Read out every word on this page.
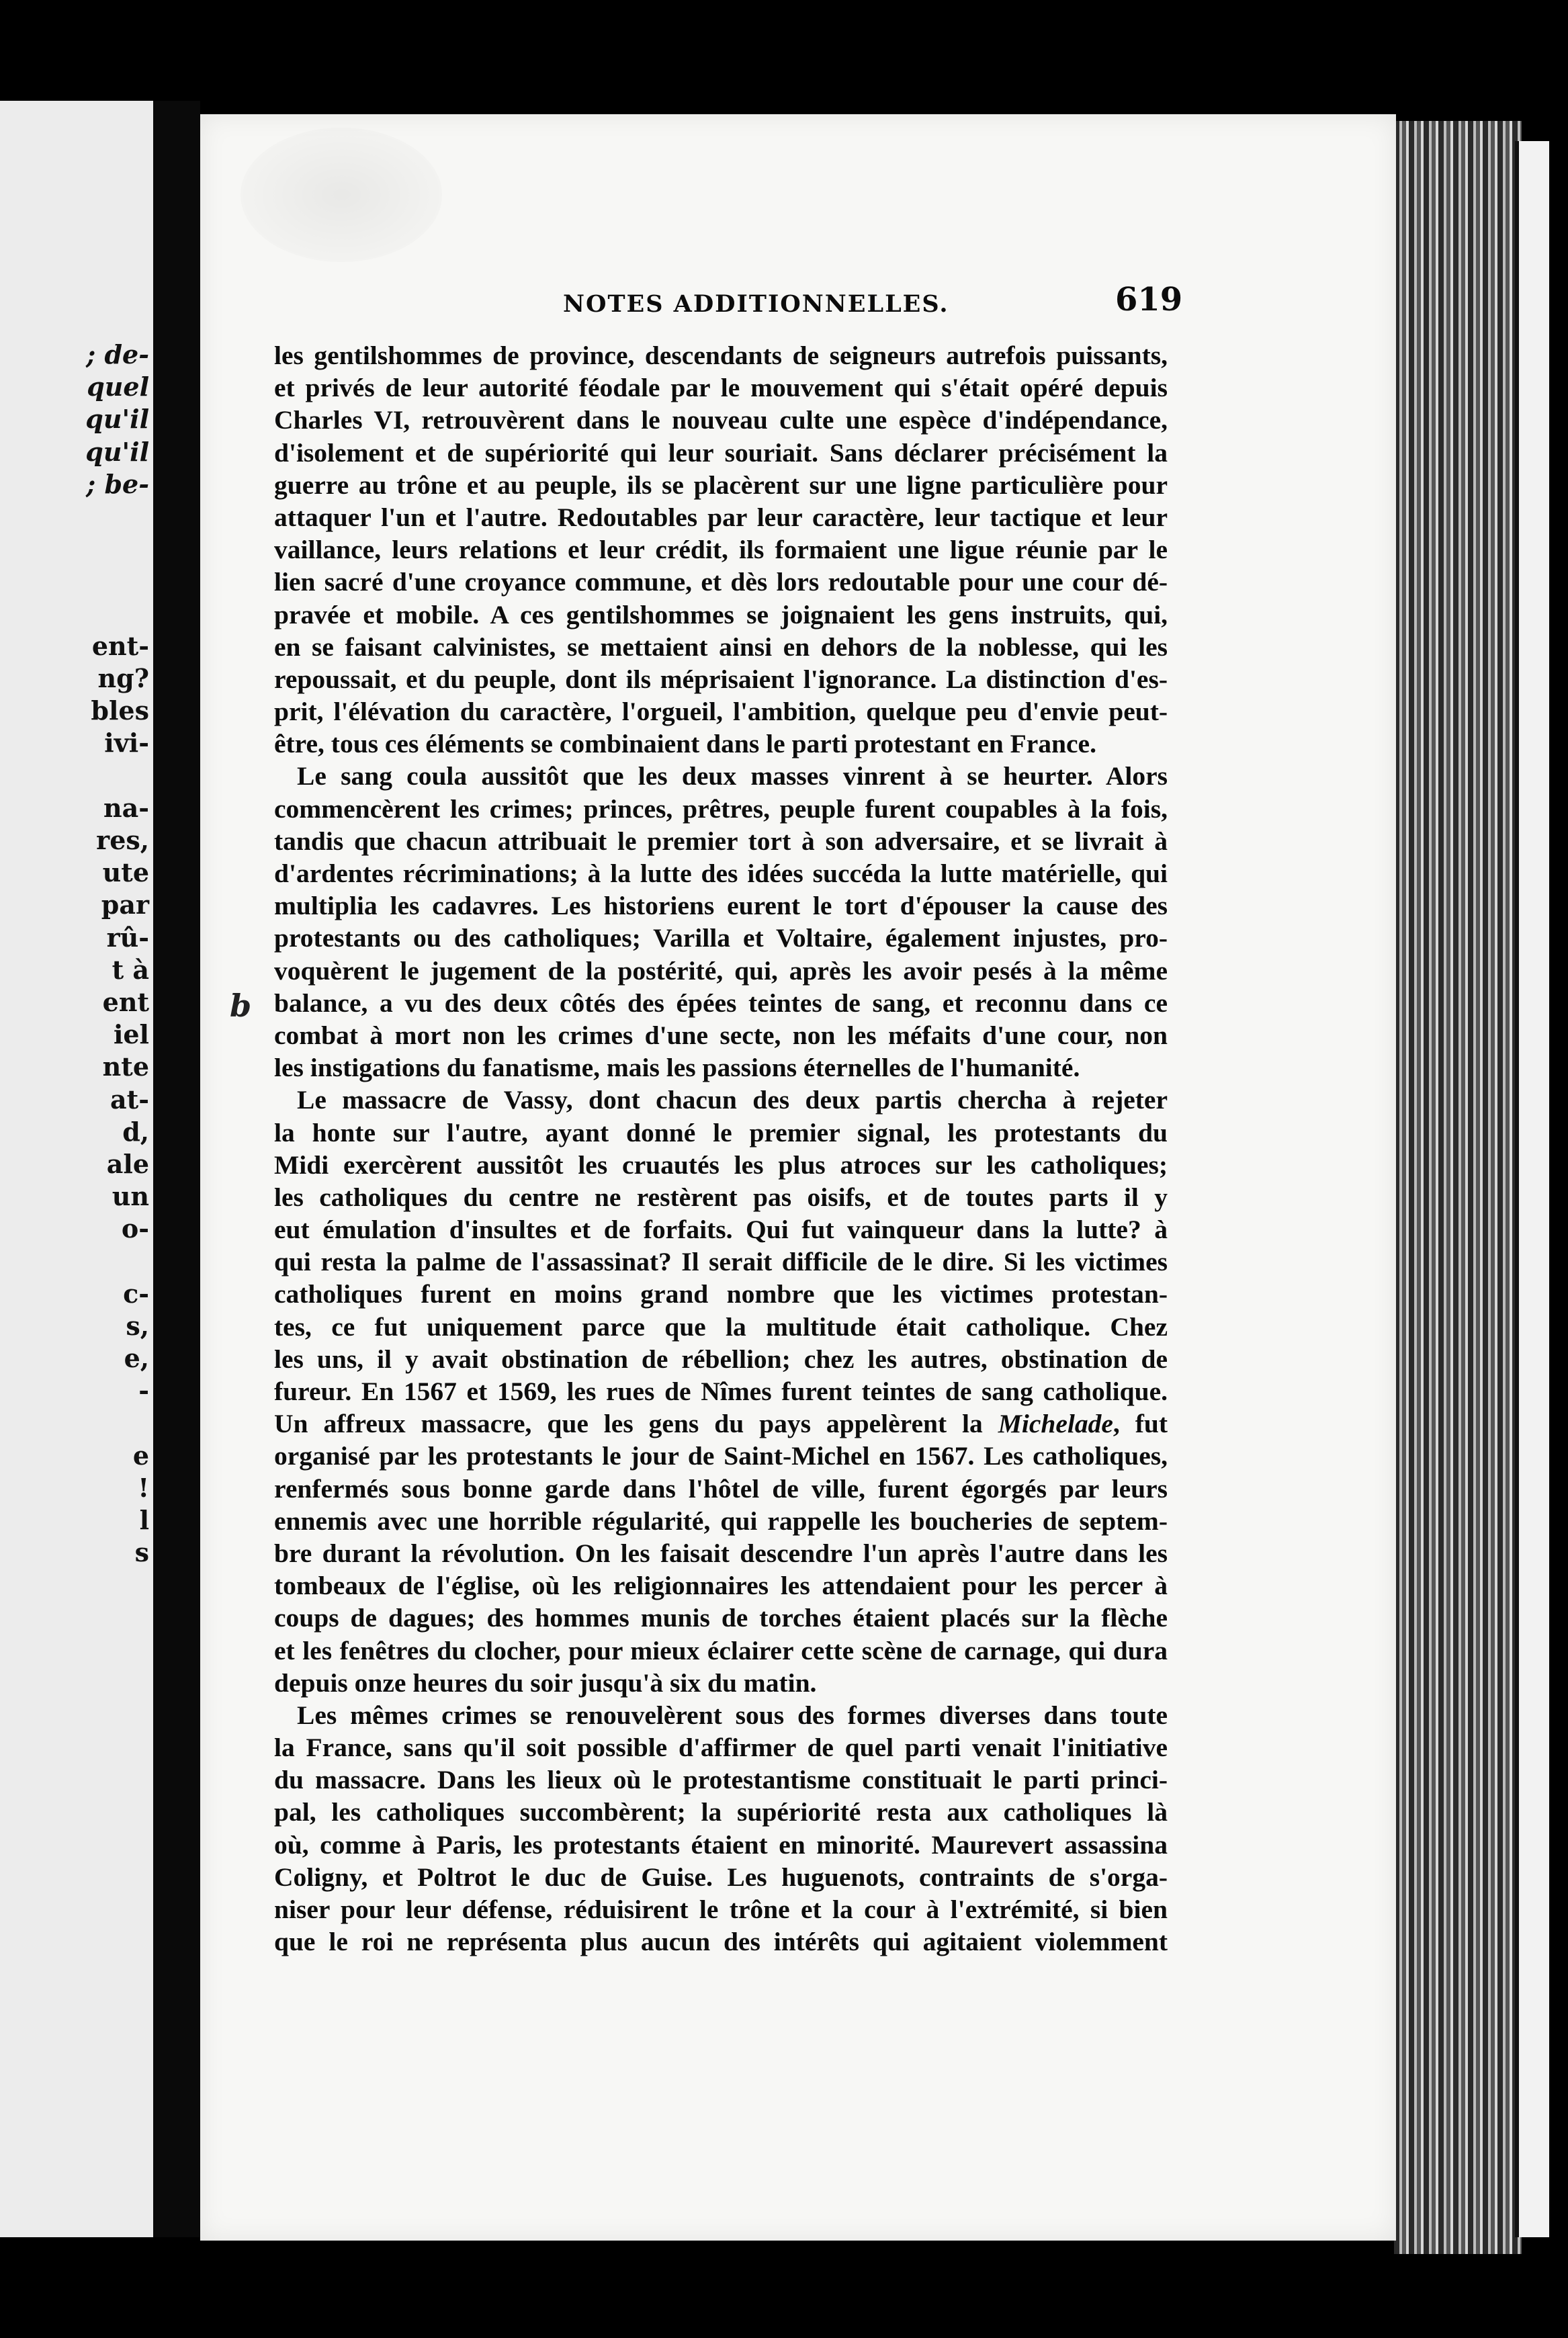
; de-
quel
qu'il
qu'il
; be-
ent-
ng?
bles
ivi-
na-
res,
ute
par
rû-
t à
ent
iel
nte
at-
d,
ale
un
o-
c-
s,
e,
-
e
!
l
s
NOTES ADDITIONNELLES.	619
b
les gentilshommes de province, descendants de seigneurs autrefois puissants,
et privés de leur autorité féodale par le mouvement qui s'était opéré depuis
Charles VI, retrouvèrent dans le nouveau culte une espèce d'indépendance,
d'isolement et de supériorité qui leur souriait. Sans déclarer précisément la
guerre au trône et au peuple, ils se placèrent sur une ligne particulière pour
attaquer l'un et l'autre. Redoutables par leur caractère, leur tactique et leur
vaillance, leurs relations et leur crédit, ils formaient une ligue réunie par le
lien sacré d'une croyance commune, et dès lors redoutable pour une cour dé-
pravée et mobile. A ces gentilshommes se joignaient les gens instruits, qui,
en se faisant calvinistes, se mettaient ainsi en dehors de la noblesse, qui les
repoussait, et du peuple, dont ils méprisaient l'ignorance. La distinction d'es-
prit, l'élévation du caractère, l'orgueil, l'ambition, quelque peu d'envie peut-
être, tous ces éléments se combinaient dans le parti protestant en France.
Le sang coula aussitôt que les deux masses vinrent à se heurter. Alors
commencèrent les crimes; princes, prêtres, peuple furent coupables à la fois,
tandis que chacun attribuait le premier tort à son adversaire, et se livrait à
d'ardentes récriminations; à la lutte des idées succéda la lutte matérielle, qui
multiplia les cadavres. Les historiens eurent le tort d'épouser la cause des
protestants ou des catholiques; Varilla et Voltaire, également injustes, pro-
voquèrent le jugement de la postérité, qui, après les avoir pesés à la même
balance, a vu des deux côtés des épées teintes de sang, et reconnu dans ce
combat à mort non les crimes d'une secte, non les méfaits d'une cour, non
les instigations du fanatisme, mais les passions éternelles de l'humanité.
Le massacre de Vassy, dont chacun des deux partis chercha à rejeter
la honte sur l'autre, ayant donné le premier signal, les protestants du
Midi exercèrent aussitôt les cruautés les plus atroces sur les catholiques;
les catholiques du centre ne restèrent pas oisifs, et de toutes parts il y
eut émulation d'insultes et de forfaits. Qui fut vainqueur dans la lutte? à
qui resta la palme de l'assassinat? Il serait difficile de le dire. Si les victimes
catholiques furent en moins grand nombre que les victimes protestan-
tes, ce fut uniquement parce que la multitude était catholique. Chez
les uns, il y avait obstination de rébellion; chez les autres, obstination de
fureur. En 1567 et 1569, les rues de Nîmes furent teintes de sang catholique.
Un affreux massacre, que les gens du pays appelèrent la Michelade, fut
organisé par les protestants le jour de Saint-Michel en 1567. Les catholiques,
renfermés sous bonne garde dans l'hôtel de ville, furent égorgés par leurs
ennemis avec une horrible régularité, qui rappelle les boucheries de septem-
bre durant la révolution. On les faisait descendre l'un après l'autre dans les
tombeaux de l'église, où les religionnaires les attendaient pour les percer à
coups de dagues; des hommes munis de torches étaient placés sur la flèche
et les fenêtres du clocher, pour mieux éclairer cette scène de carnage, qui dura
depuis onze heures du soir jusqu'à six du matin.
Les mêmes crimes se renouvelèrent sous des formes diverses dans toute
la France, sans qu'il soit possible d'affirmer de quel parti venait l'initiative
du massacre. Dans les lieux où le protestantisme constituait le parti princi-
pal, les catholiques succombèrent; la supériorité resta aux catholiques là
où, comme à Paris, les protestants étaient en minorité. Maurevert assassina
Coligny, et Poltrot le duc de Guise. Les huguenots, contraints de s'orga-
niser pour leur défense, réduisirent le trône et la cour à l'extrémité, si bien
que le roi ne représenta plus aucun des intérêts qui agitaient violemment
